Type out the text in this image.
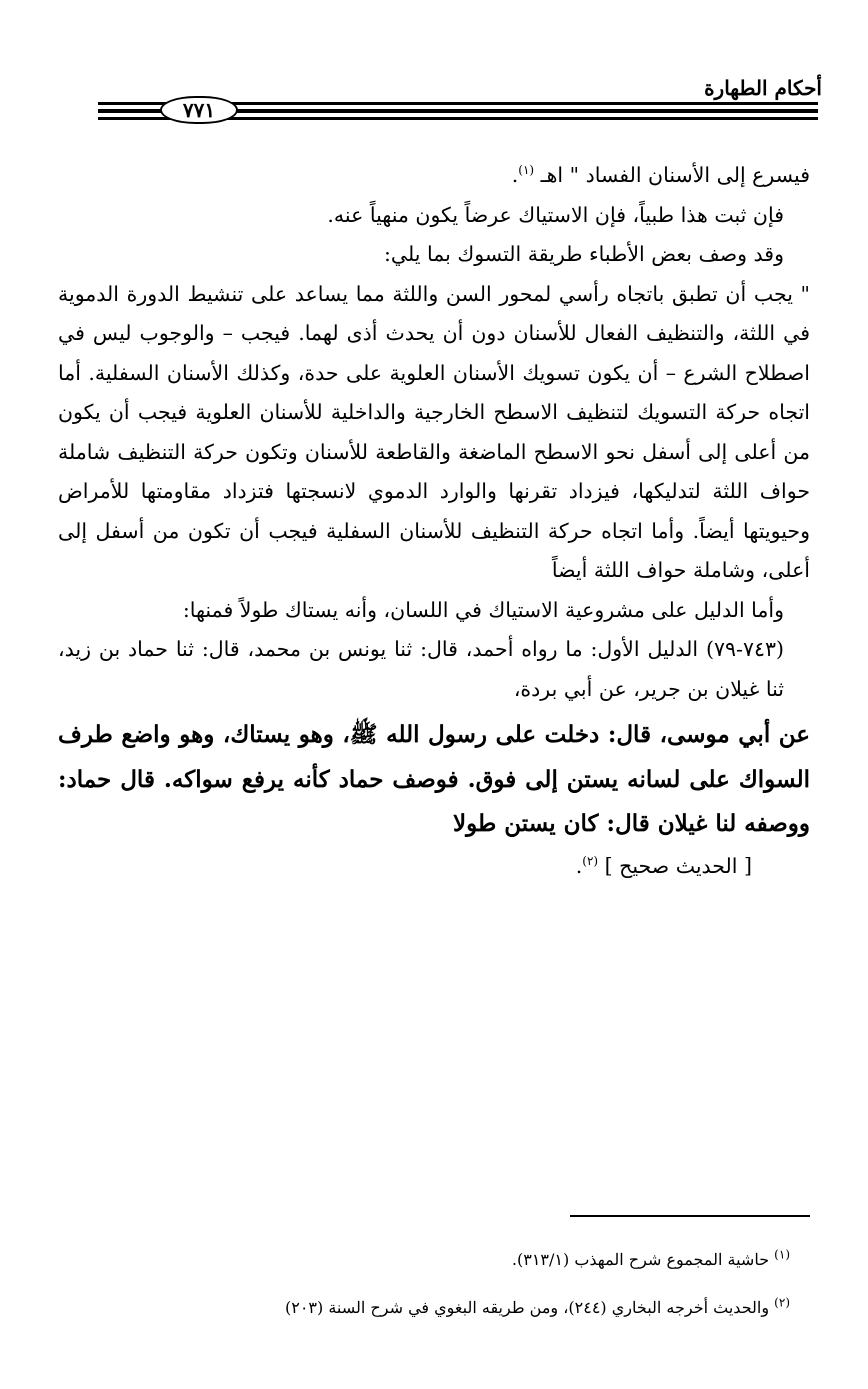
أحكام الطهارة
٧٧١

فيسرع إلى الأسنان الفساد " اهـ $^{(١)}$.

فإن ثبت هذا طبياً، فإن الاستياك عرضاً يكون منهياً عنه.

وقد وصف بعض الأطباء طريقة التسوك بما يلي:

" يجب أن تطبق باتجاه رأسي لمحور السن واللثة مما يساعد على تنشيط الدورة الدموية في اللثة، والتنظيف الفعال للأسنان دون أن يحدث أذى لهما. فيجب – والوجوب ليس في اصطلاح الشرع – أن يكون تسويك الأسنان العلوية على حدة، وكذلك الأسنان السفلية. أما اتجاه حركة التسويك لتنظيف الاسطح الخارجية والداخلية للأسنان العلوية فيجب أن يكون من أعلى إلى أسفل نحو الاسطح الماضغة والقاطعة للأسنان وتكون حركة التنظيف شاملة حواف اللثة لتدليكها، فيزداد تقرنها والوارد الدموي لانسجتها فتزداد مقاومتها للأمراض وحيويتها أيضاً. وأما اتجاه حركة التنظيف للأسنان السفلية فيجب أن تكون من أسفل إلى أعلى، وشاملة حواف اللثة أيضاً

وأما الدليل على مشروعية الاستياك في اللسان، وأنه يستاك طولاً فمنها:

(٧٤٣-٧٩) الدليل الأول: ما رواه أحمد، قال: ثنا يونس بن محمد، قال: ثنا حماد بن زيد، ثنا غيلان بن جرير، عن أبي بردة،

عن أبي موسى، قال: دخلت على رسول الله ﷺ، وهو يستاك، وهو واضع طرف السواك على لسانه يستن إلى فوق. فوصف حماد كأنه يرفع سواكه. قال حماد: ووصفه لنا غيلان قال: كان يستن طولا

[ الحديث صحيح ] $^{(٢)}$.

$^{(١)}$ حاشية المجموع شرح المهذب (٣١٣/١).

$^{(٢)}$ والحديث أخرجه البخاري (٢٤٤)، ومن طريقه البغوي في شرح السنة (٢٠٣)
